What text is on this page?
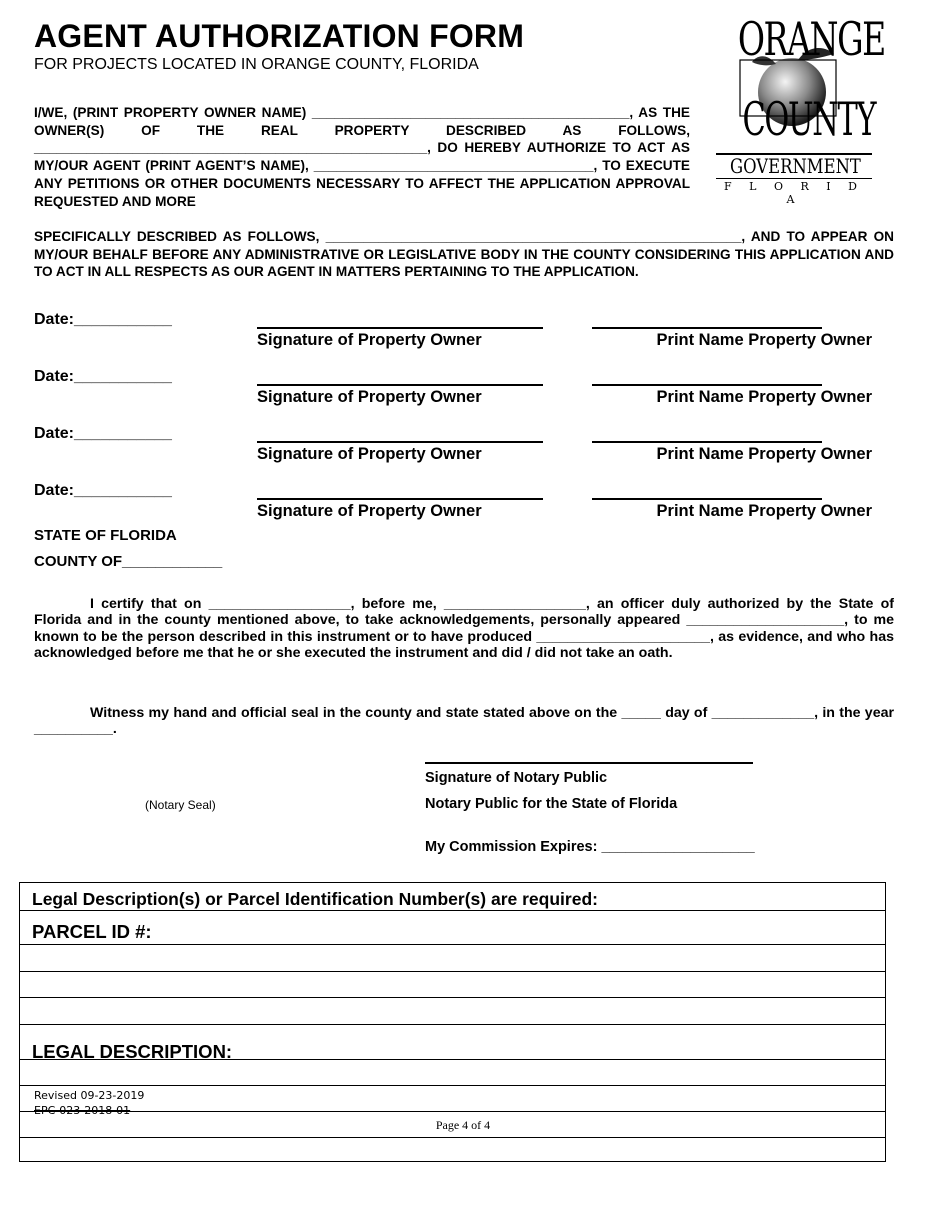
AGENT AUTHORIZATION FORM
FOR PROJECTS LOCATED IN ORANGE COUNTY, FLORIDA	ORANGE
COUNTY
GOVERNMENT
F L O R I D A
I/WE, (PRINT PROPERTY OWNER NAME) __________________________________________, AS THE OWNER(S) OF THE REAL PROPERTY DESCRIBED AS FOLLOWS, ____________________________________________________, DO HEREBY AUTHORIZE TO ACT AS MY/OUR AGENT (PRINT AGENT’S NAME), _____________________________________, TO EXECUTE ANY PETITIONS OR OTHER DOCUMENTS NECESSARY TO AFFECT THE APPLICATION APPROVAL REQUESTED AND MORE
SPECIFICALLY DESCRIBED AS FOLLOWS, _______________________________________________________, AND TO APPEAR ON MY/OUR BEHALF BEFORE ANY ADMINISTRATIVE OR LEGISLATIVE BODY IN THE COUNTY CONSIDERING THIS APPLICATION AND TO ACT IN ALL RESPECTS AS OUR AGENT IN MATTERS PERTAINING TO THE APPLICATION.
Date:___________
Signature of Property Owner	Print Name Property Owner
Date:___________
Signature of Property Owner	Print Name Property Owner
Date:___________
Signature of Property Owner	Print Name Property Owner
Date:___________
Signature of Property Owner	Print Name Property Owner
STATE OF FLORIDA
COUNTY OF____________
I certify that on __________________, before me, __________________, an officer duly authorized by the State of Florida and in the county mentioned above, to take acknowledgements, personally appeared ____________________, to me known to be the person described in this instrument or to have produced ______________________, as evidence, and who has acknowledged before me that he or she executed the instrument and did / did not take an oath.
Witness my hand and official seal in the county and state stated above on the _____ day of _____________, in the year __________.
Signature of Notary Public
Notary Public for the State of Florida
(Notary Seal)
My Commission Expires: ___________________
Legal Description(s) or Parcel Identification Number(s) are required:
PARCEL ID #:
LEGAL DESCRIPTION:
Revised 09-23-2019
EPC-023-2018-01
Page 4 of 4
